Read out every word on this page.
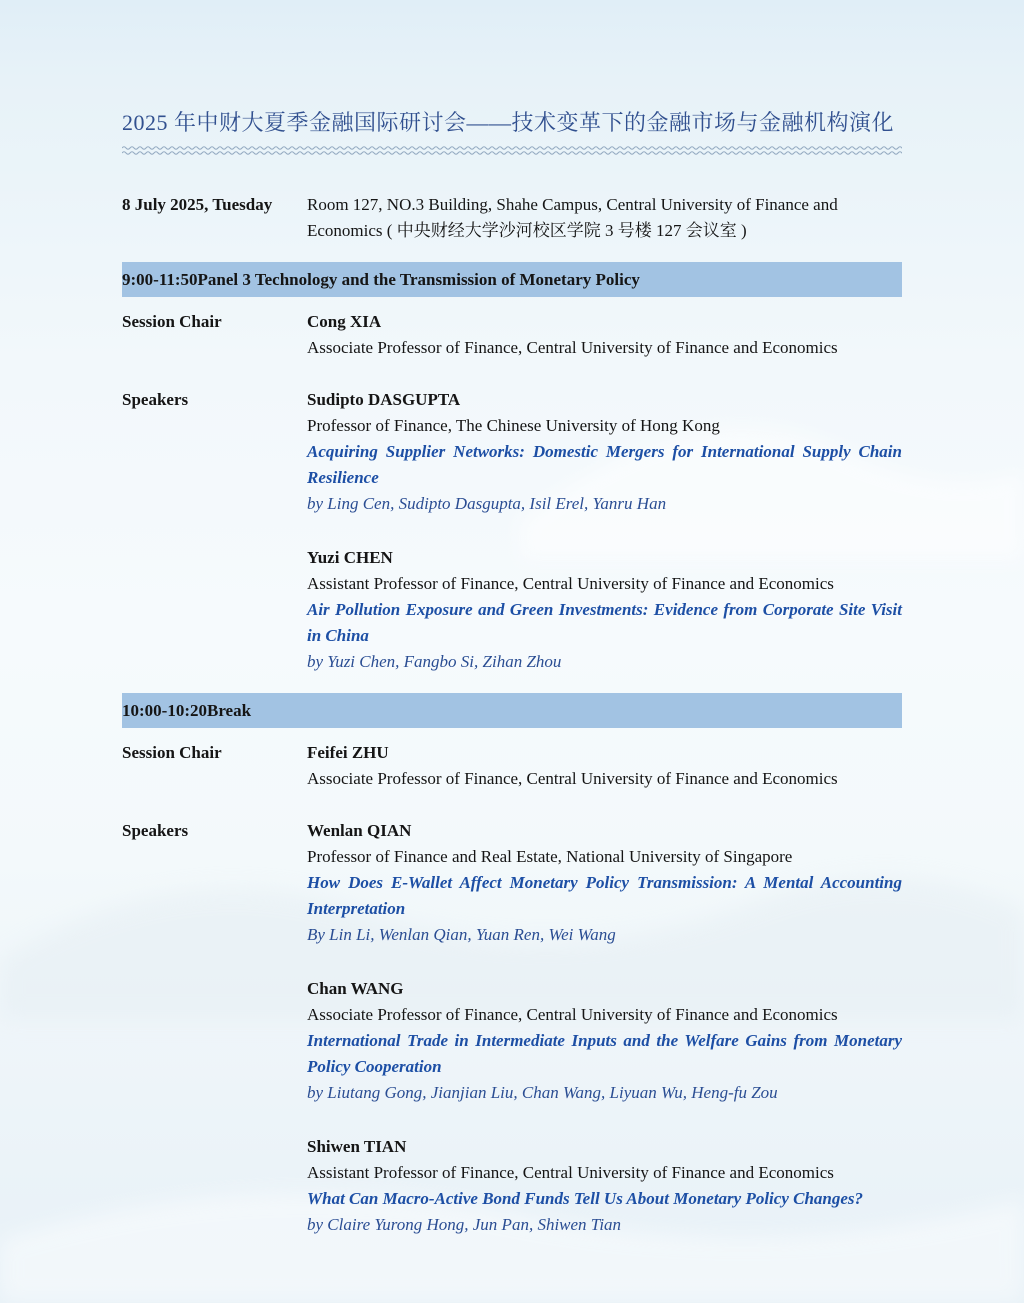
2025 年中财大夏季金融国际研讨会——技术变革下的金融市场与金融机构演化
8 July 2025, Tuesday	Room 127, NO.3 Building, Shahe Campus, Central University of Finance and Economics ( 中央财经大学沙河校区学院 3 号楼 127 会议室 )
9:00-11:50 Panel 3 Technology and the Transmission of Monetary Policy
Session Chair	Cong XIA
Associate Professor of Finance, Central University of Finance and Economics
Speakers	Sudipto DASGUPTA
Professor of Finance, The Chinese University of Hong Kong
Acquiring Supplier Networks: Domestic Mergers for International Supply Chain Resilience
by Ling Cen, Sudipto Dasgupta, Isil Erel, Yanru Han
Yuzi CHEN
Assistant Professor of Finance, Central University of Finance and Economics
Air Pollution Exposure and Green Investments: Evidence from Corporate Site Visit in China
by Yuzi Chen, Fangbo Si, Zihan Zhou
10:00-10:20 Break
Session Chair	Feifei ZHU
Associate Professor of Finance, Central University of Finance and Economics
Speakers	Wenlan QIAN
Professor of Finance and Real Estate, National University of Singapore
How Does E-Wallet Affect Monetary Policy Transmission: A Mental Accounting Interpretation
By Lin Li, Wenlan Qian, Yuan Ren, Wei Wang
Chan WANG
Associate Professor of Finance, Central University of Finance and Economics
International Trade in Intermediate Inputs and the Welfare Gains from Monetary Policy Cooperation
by Liutang Gong, Jianjian Liu, Chan Wang, Liyuan Wu, Heng-fu Zou
Shiwen TIAN
Assistant Professor of Finance, Central University of Finance and Economics
What Can Macro-Active Bond Funds Tell Us About Monetary Policy Changes?
by Claire Yurong Hong, Jun Pan, Shiwen Tian
